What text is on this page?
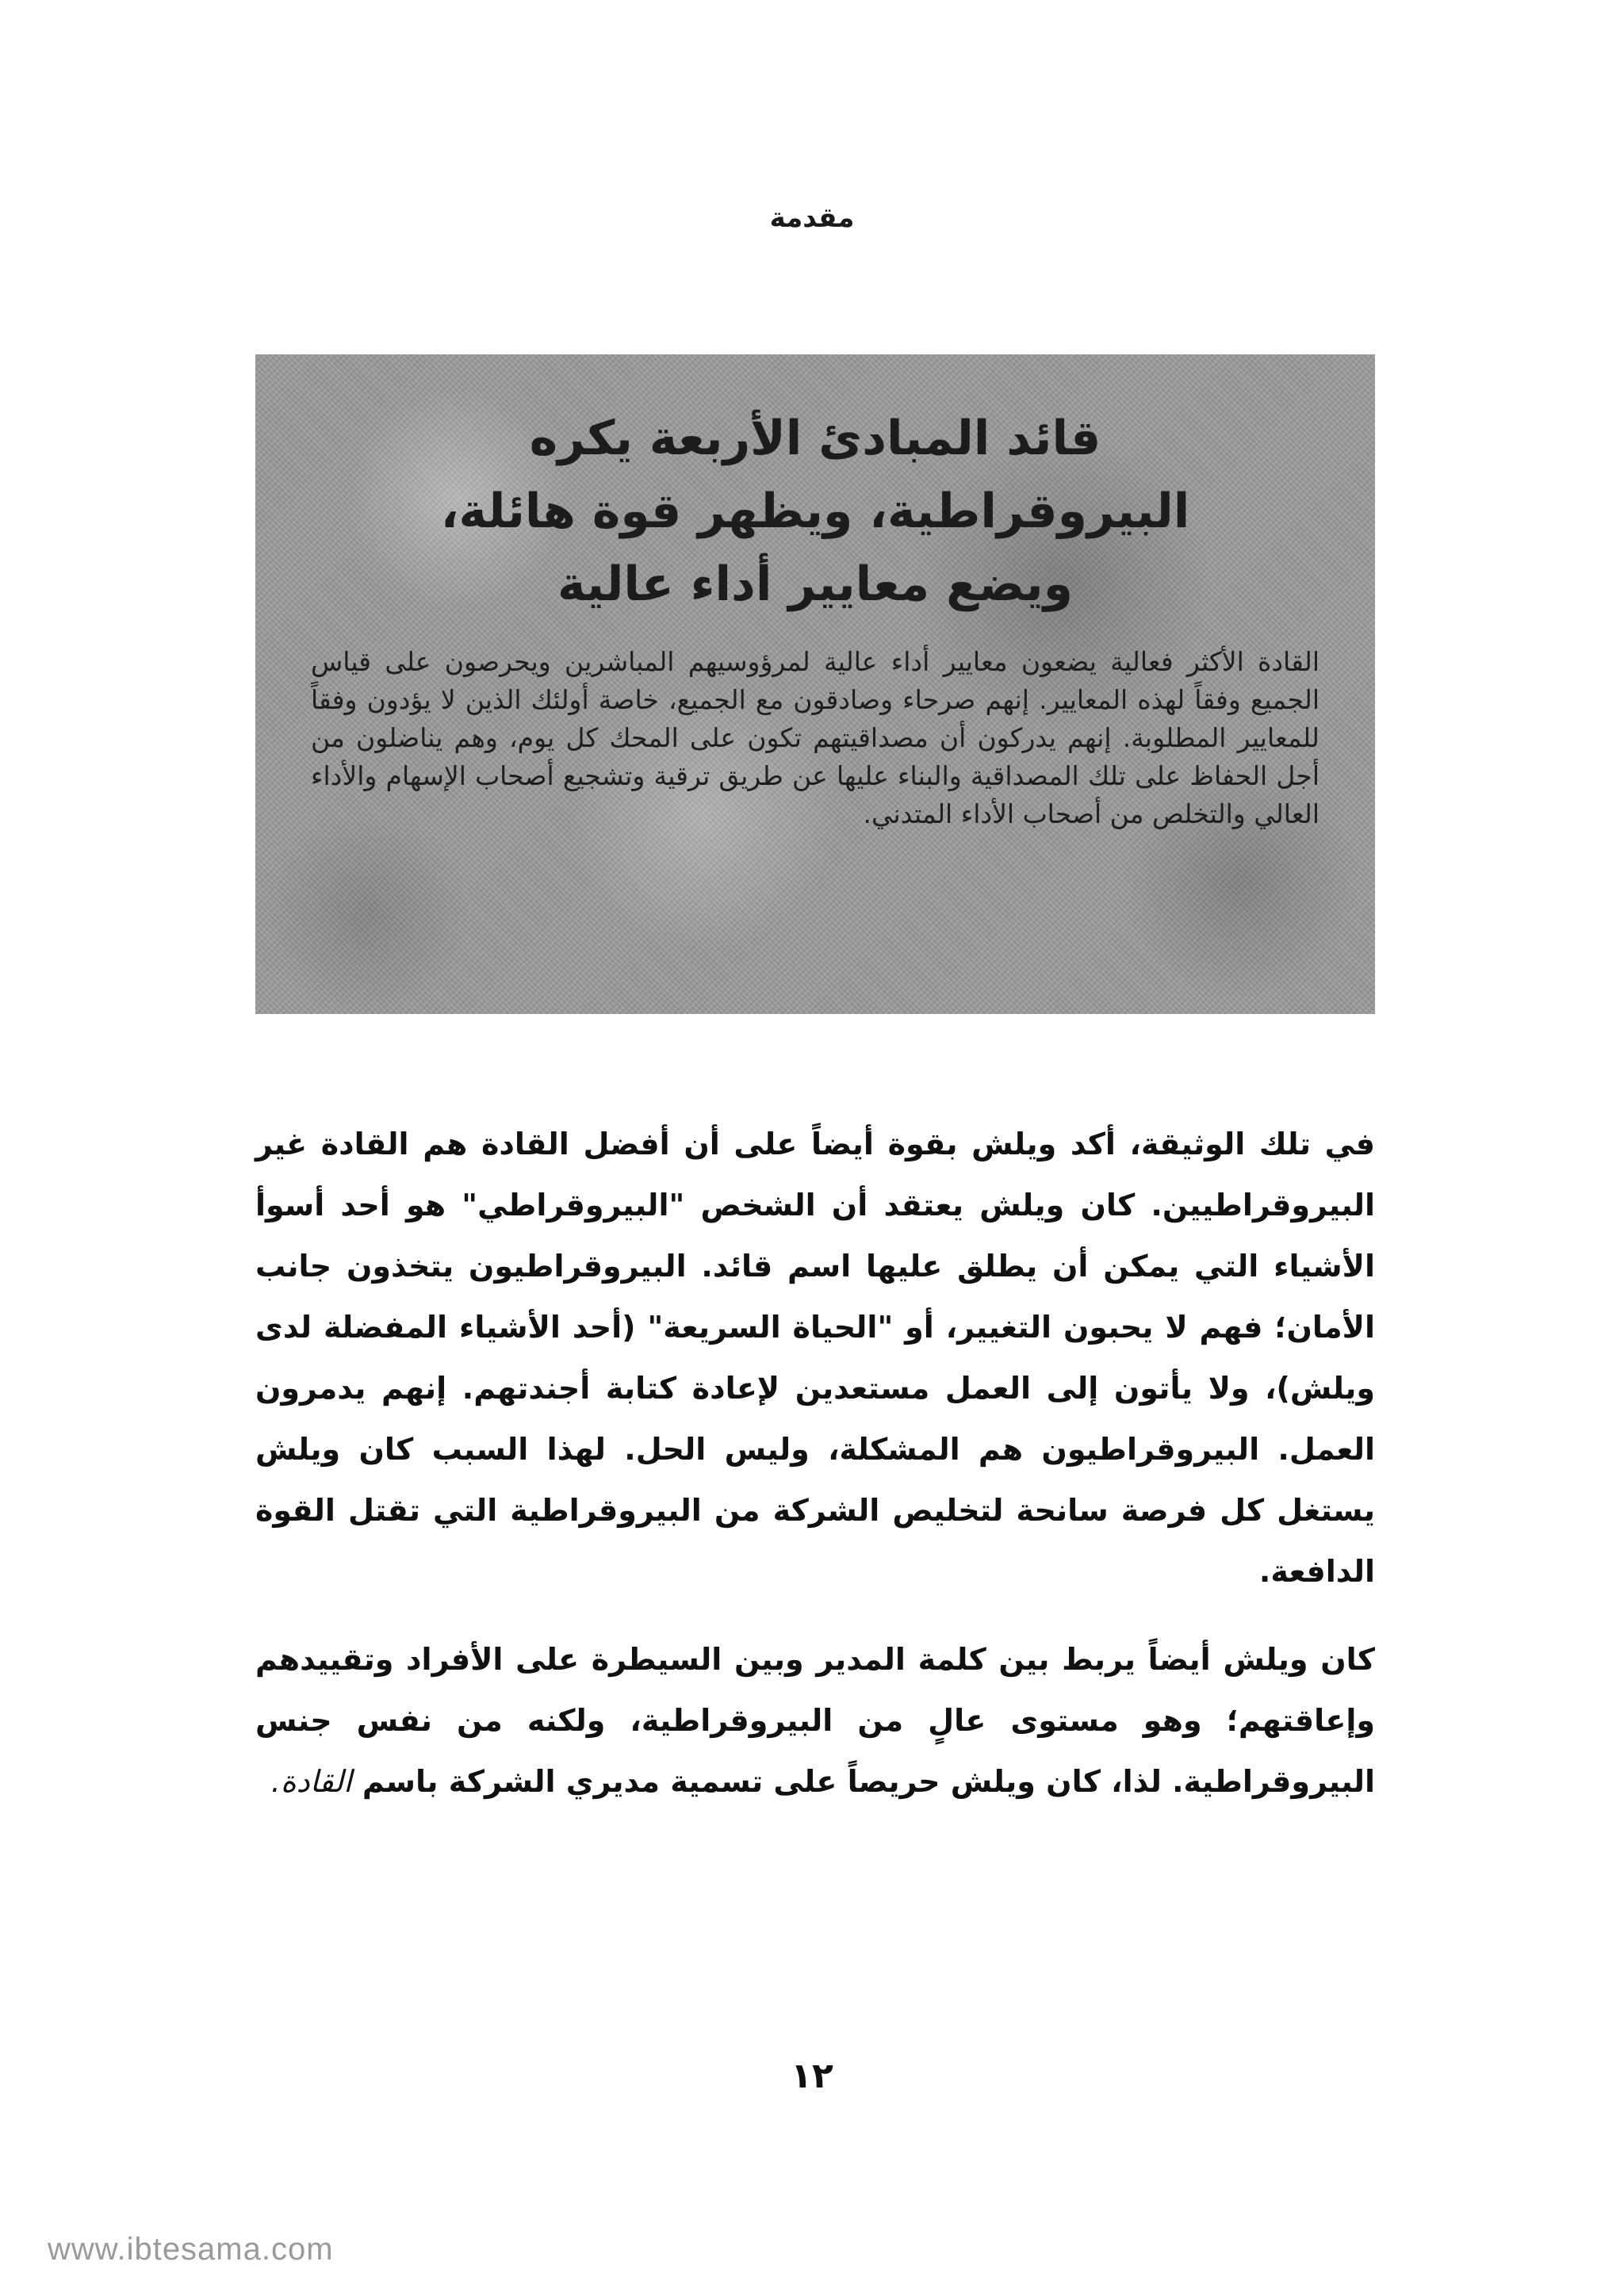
مقدمة
قائد المبادئ الأربعة يكره
البيروقراطية، ويظهر قوة هائلة،
ويضع معايير أداء عالية

القادة الأكثر فعالية يضعون معايير أداء عالية لمرؤوسيهم المباشرين ويحرصون على قياس الجميع وفقاً لهذه المعايير. إنهم صرحاء وصادقون مع الجميع، خاصة أولئك الذين لا يؤدون وفقاً للمعايير المطلوبة. إنهم يدركون أن مصداقيتهم تكون على المحك كل يوم، وهم يناضلون من أجل الحفاظ على تلك المصداقية والبناء عليها عن طريق ترقية وتشجيع أصحاب الإسهام والأداء العالي والتخلص من أصحاب الأداء المتدني.

في تلك الوثيقة، أكد ويلش بقوة أيضاً على أن أفضل القادة هم القادة غير البيروقراطيين. كان ويلش يعتقد أن الشخص "البيروقراطي" هو أحد أسوأ الأشياء التي يمكن أن يطلق عليها اسم قائد. البيروقراطيون يتخذون جانب الأمان؛ فهم لا يحبون التغيير، أو "الحياة السريعة" (أحد الأشياء المفضلة لدى ويلش)، ولا يأتون إلى العمل مستعدين لإعادة كتابة أجندتهم. إنهم يدمرون العمل. البيروقراطيون هم المشكلة، وليس الحل. لهذا السبب كان ويلش يستغل كل فرصة سانحة لتخليص الشركة من البيروقراطية التي تقتل القوة الدافعة.

كان ويلش أيضاً يربط بين كلمة المدير وبين السيطرة على الأفراد وتقييدهم وإعاقتهم؛ وهو مستوى عالٍ من البيروقراطية، ولكنه من نفس جنس البيروقراطية. لذا، كان ويلش حريصاً على تسمية مديري الشركة باسم القادة.

١٢
www.ibtesama.com
